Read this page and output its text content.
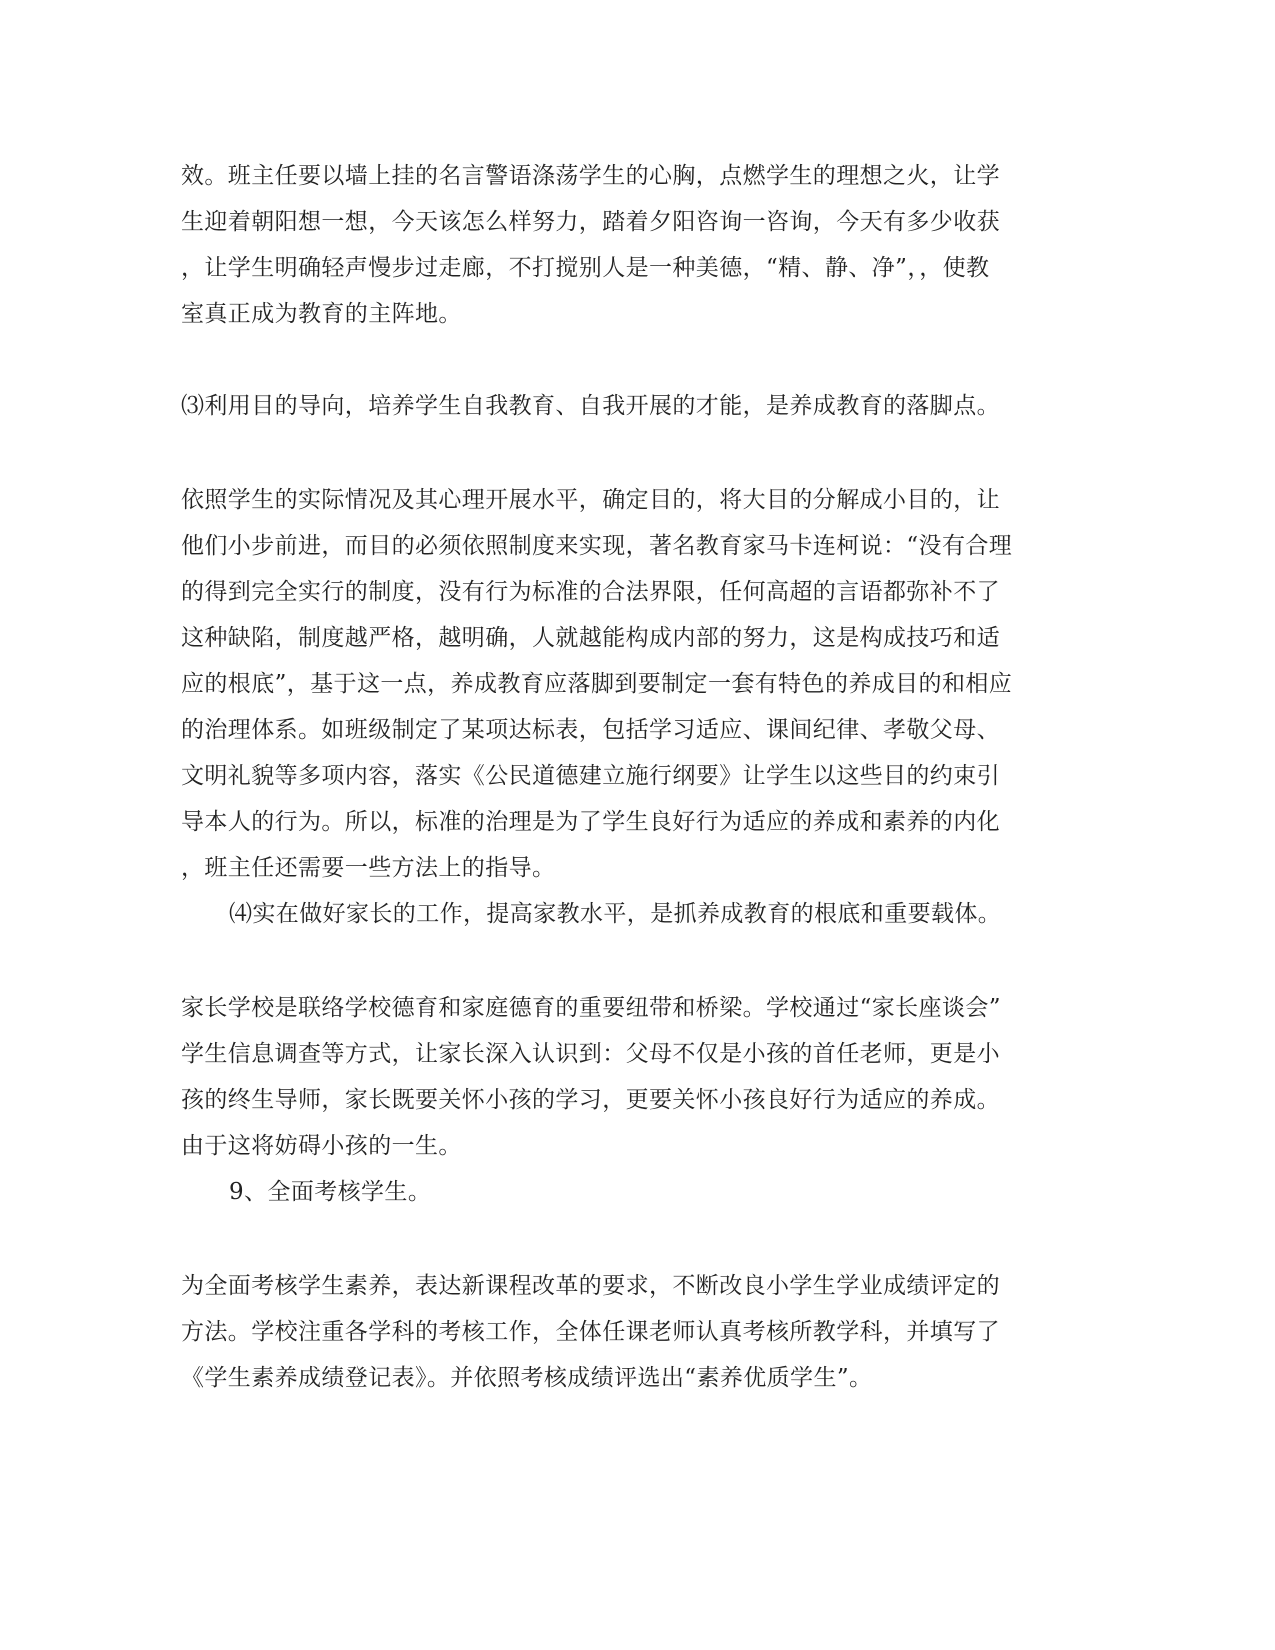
效。班主任要以墙上挂的名言警语涤荡学生的心胸，点燃学生的理想之火，让学
生迎着朝阳想一想，今天该怎么样努力，踏着夕阳咨询一咨询，今天有多少收获
，让学生明确轻声慢步过走廊，不打搅别人是一种美德，“精、静、净”，，使教
室真正成为教育的主阵地。
⑶利用目的导向，培养学生自我教育、自我开展的才能，是养成教育的落脚点。
依照学生的实际情况及其心理开展水平，确定目的，将大目的分解成小目的，让
他们小步前进，而目的必须依照制度来实现，著名教育家马卡连柯说：“没有合理
的得到完全实行的制度，没有行为标准的合法界限，任何高超的言语都弥补不了
这种缺陷，制度越严格，越明确，人就越能构成内部的努力，这是构成技巧和适
应的根底”，基于这一点，养成教育应落脚到要制定一套有特色的养成目的和相应
的治理体系。如班级制定了某项达标表，包括学习适应、课间纪律、孝敬父母、
文明礼貌等多项内容，落实《公民道德建立施行纲要》让学生以这些目的约束引
导本人的行为。所以，标准的治理是为了学生良好行为适应的养成和素养的内化
，班主任还需要一些方法上的指导。
⑷实在做好家长的工作，提高家教水平，是抓养成教育的根底和重要载体。
家长学校是联络学校德育和家庭德育的重要纽带和桥梁。学校通过“家长座谈会”
学生信息调查等方式，让家长深入认识到：父母不仅是小孩的首任老师，更是小
孩的终生导师，家长既要关怀小孩的学习，更要关怀小孩良好行为适应的养成。
由于这将妨碍小孩的一生。
9、全面考核学生。
为全面考核学生素养，表达新课程改革的要求，不断改良小学生学业成绩评定的
方法。学校注重各学科的考核工作，全体任课老师认真考核所教学科，并填写了
《学生素养成绩登记表》。并依照考核成绩评选出“素养优质学生”。
